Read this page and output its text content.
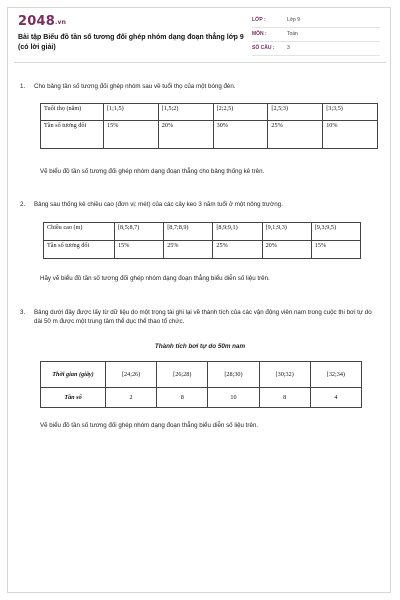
2048.vn
Bài tập Biểu đồ tần số tương đối ghép nhóm dạng đoạn thẳng lớp 9 (có lời giải)
LỚP :	Lớp 9
MÔN :	Toán
SỐ CÂU :	3
1. Cho bảng tần số tương đối ghép nhóm sau về tuổi thọ của một bóng đèn.
Tuổi thọ (năm)	[1;1,5)	[1,5;2)	[2;2,5)	[2,5;3)	[3;3,5)
Tần số tương đối	15%	20%	30%	25%	10%
Vẽ biểu đồ tần số tương đối ghép nhóm dạng đoạn thẳng cho bảng thống kê trên.
2. Bảng sau thống kê chiều cao (đơn vị: mét) của các cây keo 3 năm tuổi ở một nông trường.
Chiều cao (m)	[8,5;8,7)	[8,7;8,9)	[8,9;9,1)	[9,1;9,3)	[9,3;9,5)
Tần số tương đối	15%	25%	25%	20%	15%
Hãy vẽ biểu đồ tần số tương đối ghép nhóm dạng đoạn thẳng biểu diễn số liệu trên.
3. Bảng dưới đây được lấy từ dữ liệu do một trọng tài ghi lại về thành tích của các vận động viên nam trong cuộc thi bơi tự do dài 50 m được một trung tâm thể dục thể thao tổ chức.
Thành tích bơi tự do 50m nam
Thời gian (giây)	[24;26)	[26;28)	[28;30)	[30;32)	[32;34)
Tần số	2	8	10	8	4
Vẽ biểu đồ tần số tương đối ghép nhóm dạng đoạn thẳng biểu diễn số liệu trên.
